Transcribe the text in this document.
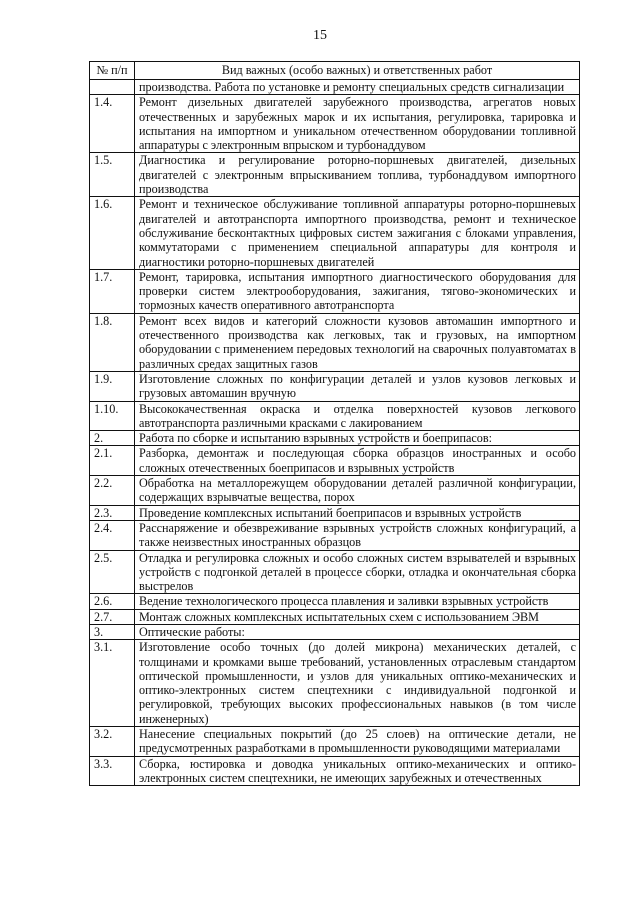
15
№ п/п	Вид важных (особо важных) и ответственных работ
	производства. Работа по установке и ремонту специальных средств сигнализации
1.4.	Ремонт дизельных двигателей зарубежного производства, агрегатов новых отечественных и зарубежных марок и их испытания, регулировка, тарировка и испытания на импортном и уникальном отечественном оборудовании топливной аппаратуры с электронным впрыском и турбонаддувом
1.5.	Диагностика и регулирование роторно-поршневых двигателей, дизельных двигателей с электронным впрыскиванием топлива, турбонаддувом импортного производства
1.6.	Ремонт и техническое обслуживание топливной аппаратуры роторно-поршневых двигателей и автотранспорта импортного производства, ремонт и техническое обслуживание бесконтактных цифровых систем зажигания с блоками управления, коммутаторами с применением специальной аппаратуры для контроля и диагностики роторно-поршневых двигателей
1.7.	Ремонт, тарировка, испытания импортного диагностического оборудования для проверки систем электрооборудования, зажигания, тягово-экономических и тормозных качеств оперативного автотранспорта
1.8.	Ремонт всех видов и категорий сложности кузовов автомашин импортного и отечественного производства как легковых, так и грузовых, на импортном оборудовании с применением передовых технологий на сварочных полуавтоматах в различных средах защитных газов
1.9.	Изготовление сложных по конфигурации деталей и узлов кузовов легковых и грузовых автомашин вручную
1.10.	Высококачественная окраска и отделка поверхностей кузовов легкового автотранспорта различными красками с лакированием
2.	Работа по сборке и испытанию взрывных устройств и боеприпасов:
2.1.	Разборка, демонтаж и последующая сборка образцов иностранных и особо сложных отечественных боеприпасов и взрывных устройств
2.2.	Обработка на металлорежущем оборудовании деталей различной конфигурации, содержащих взрывчатые вещества, порох
2.3.	Проведение комплексных испытаний боеприпасов и взрывных устройств
2.4.	Расснаряжение и обезвреживание взрывных устройств сложных конфигураций, а также неизвестных иностранных образцов
2.5.	Отладка и регулировка сложных и особо сложных систем взрывателей и взрывных устройств с подгонкой деталей в процессе сборки, отладка и окончательная сборка выстрелов
2.6.	Ведение технологического процесса плавления и заливки взрывных устройств
2.7.	Монтаж сложных комплексных испытательных схем с использованием ЭВМ
3.	Оптические работы:
3.1.	Изготовление особо точных (до долей микрона) механических деталей, с толщинами и кромками выше требований, установленных отраслевым стандартом оптической промышленности, и узлов для уникальных оптико-механических и оптико-электронных систем спецтехники с индивидуальной подгонкой и регулировкой, требующих высоких профессиональных навыков (в том числе инженерных)
3.2.	Нанесение специальных покрытий (до 25 слоев) на оптические детали, не предусмотренных разработками в промышленности руководящими материалами
3.3.	Сборка, юстировка и доводка уникальных оптико-механических и оптико-электронных систем спецтехники, не имеющих зарубежных и отечественных
